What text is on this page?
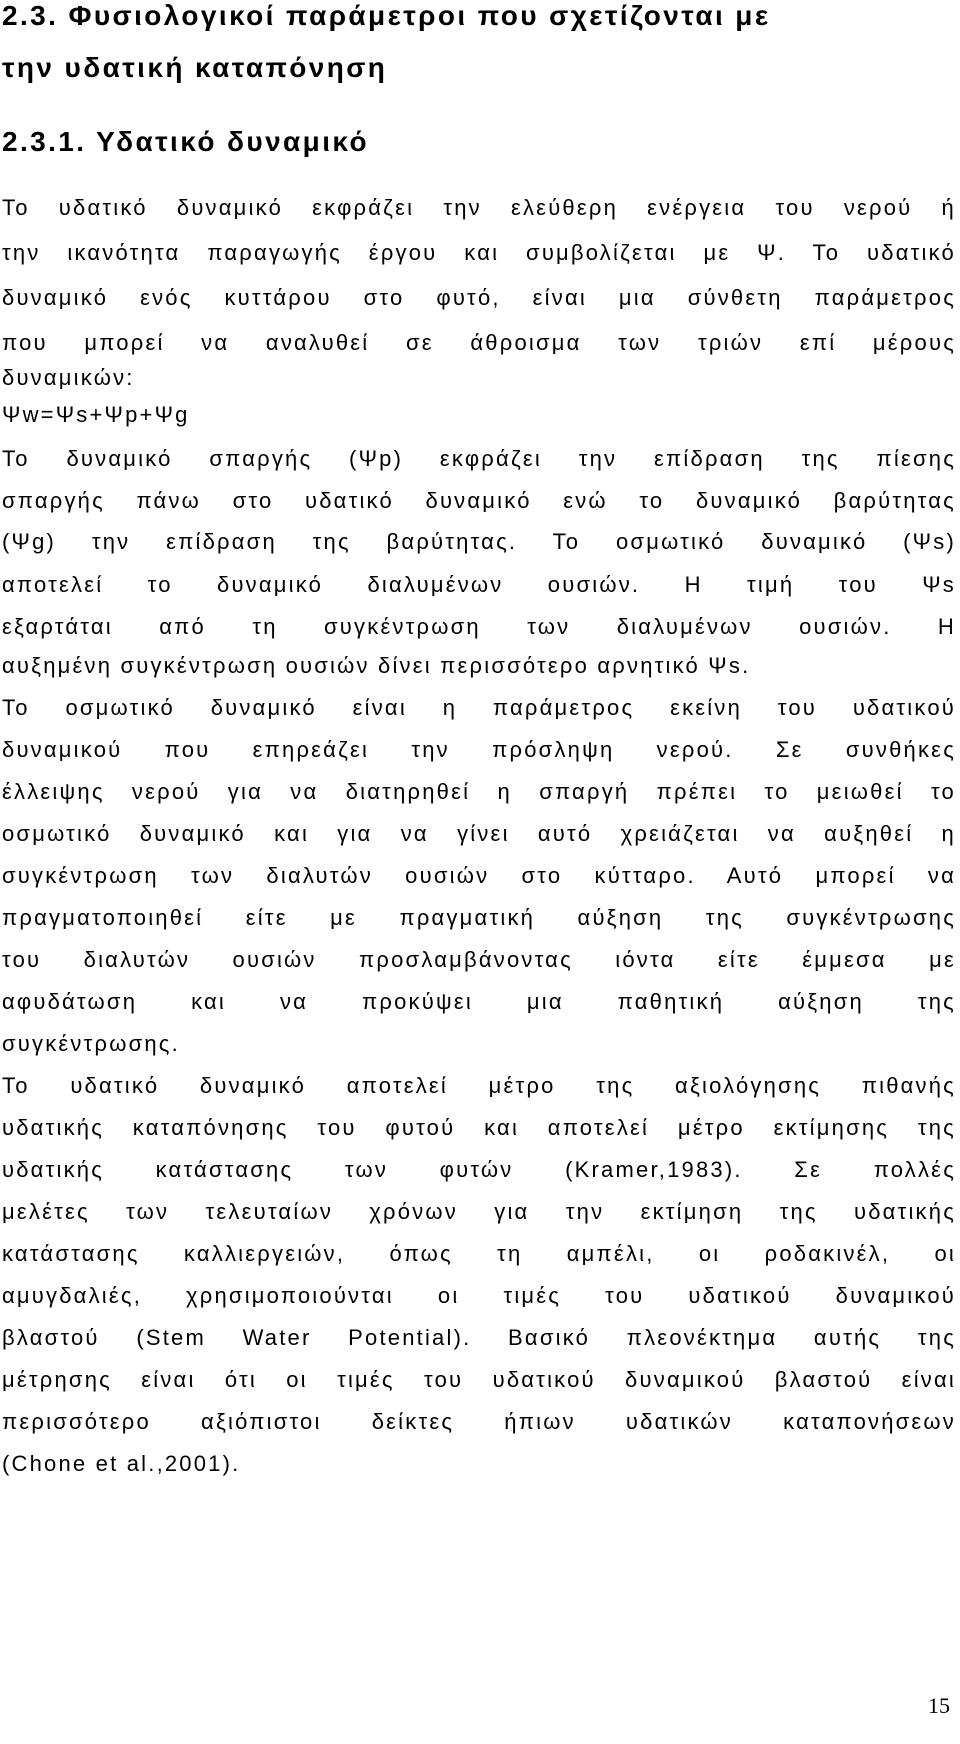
2.3. Φυσιολογικοί παράμετροι που σχετίζονται με
την υδατική καταπόνηση
2.3.1. Υδατικό δυναμικό

Το υδατικό δυναμικό εκφράζει την ελεύθερη ενέργεια του νερού ή

την ικανότητα παραγωγής έργου και συμβολίζεται με Ψ. Το υδατικό

δυναμικό ενός κυττάρου στο φυτό, είναι μια σύνθετη παράμετρος

που μπορεί να αναλυθεί σε άθροισμα των τριών επί μέρους

δυναμικών:

Ψw=Ψs+Ψp+Ψg

Το δυναμικό σπαργής (Ψp) εκφράζει την επίδραση της πίεσης

σπαργής πάνω στο υδατικό δυναμικό ενώ το δυναμικό βαρύτητας

(Ψg) την επίδραση της βαρύτητας. Το οσμωτικό δυναμικό (Ψs)

αποτελεί το δυναμικό διαλυμένων ουσιών. Η τιμή του Ψs

εξαρτάται από τη συγκέντρωση των διαλυμένων ουσιών. Η

αυξημένη συγκέντρωση ουσιών δίνει περισσότερο αρνητικό Ψs.

Το οσμωτικό δυναμικό είναι η παράμετρος εκείνη του υδατικού

δυναμικού που επηρεάζει την πρόσληψη νερού. Σε συνθήκες

έλλειψης νερού για να διατηρηθεί η σπαργή πρέπει το μειωθεί το

οσμωτικό δυναμικό και για να γίνει αυτό χρειάζεται να αυξηθεί η

συγκέντρωση των διαλυτών ουσιών στο κύτταρο. Αυτό μπορεί να

πραγματοποιηθεί είτε με πραγματική αύξηση της συγκέντρωσης

του διαλυτών ουσιών προσλαμβάνοντας ιόντα είτε έμμεσα με

αφυδάτωση και να προκύψει μια παθητική αύξηση της

συγκέντρωσης.

Το υδατικό δυναμικό αποτελεί μέτρο της αξιολόγησης πιθανής

υδατικής καταπόνησης του φυτού και αποτελεί μέτρο εκτίμησης της

υδατικής κατάστασης των φυτών (Kramer,1983). Σε πολλές

μελέτες των τελευταίων χρόνων για την εκτίμηση της υδατικής

κατάστασης καλλιεργειών, όπως τη αμπέλι, οι ροδακινέλ, οι

αμυγδαλιές, χρησιμοποιούνται οι τιμές του υδατικού δυναμικού

βλαστού (Stem Water Potential). Βασικό πλεονέκτημα αυτής της

μέτρησης είναι ότι οι τιμές του υδατικού δυναμικού βλαστού είναι

περισσότερο αξιόπιστοι δείκτες ήπιων υδατικών καταπονήσεων

(Chone et al.,2001).

15
